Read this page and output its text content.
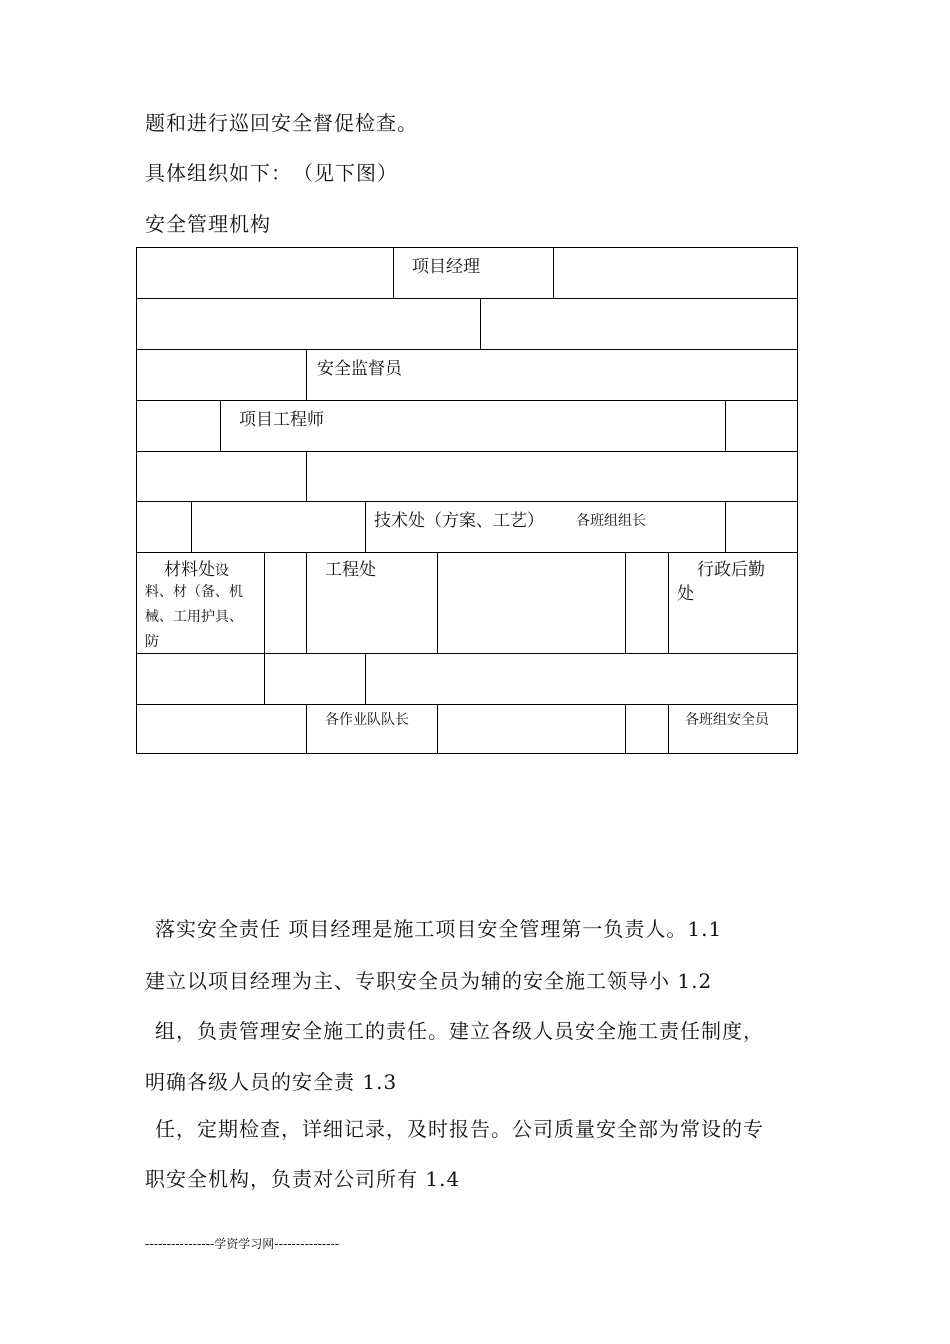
题和进行巡回安全督促检查。
具体组织如下：　（见下图）
安全管理机构
项目经理
安全监督员
项目工程师
技术处（方案、工艺） 各班组组长
材料处设
料、材（备、机
械、工用护具、
防
工程处	行政后勤
处
各作业队队长	各班组安全员
落实安全责任 项目经理是施工项目安全管理第一负责人。1.1
建立以项目经理为主、专职安全员为辅的安全施工领导小 1.2
组，负责管理安全施工的责任。建立各级人员安全施工责任制度，
明确各级人员的安全责 1.3
任，定期检查，详细记录，及时报告。公司质量安全部为常设的专
职安全机构，负责对公司所有 1.4
----------------学资学习网---------------
